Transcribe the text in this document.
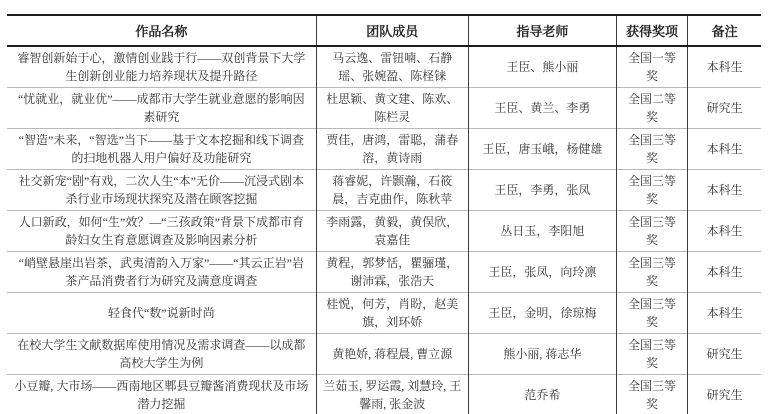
作品名称	团队成员	指导老师	获得奖项	备注
睿智创新始于心，激情创业践于行——双创背景下大学生创新创业能力培养现状及提升路径	马云逸、雷钮喃、石静瑶、张婉盈、陈柽铼	王臣、熊小丽	全国一等奖	本科生
“忧就业，就业优”——成都市大学生就业意愿的影响因素研究	杜思颖、黄文建、陈欢、陈栏灵	王臣、黄兰、李勇	全国二等奖	研究生
“智造”未来，“智选”当下——基于文本挖掘和线下调查的扫地机器人用户偏好及功能研究	贾佳，唐鸿，雷聪，蒲春溶，黄诗雨	王臣，唐玉峨，杨健雄	全国三等奖	本科生
社交新宠“剧”有戏，二次人生“本”无价——沉浸式剧本杀行业市场现状探究及潜在顾客挖掘	蒋睿妮，许颢瀚，石筱晨，吉克曲作，陈秋苹	王臣，李勇，张凤	全国三等奖	本科生
人口新政，如何“生”效？—“三孩政策”背景下成都市育龄妇女生育意愿调查及影响因素分析	李雨露，黄毅，黄俣欣，袁嘉佳	丛日玉，李阳旭	全国三等奖	本科生
“峭壁悬崖出岩茶，武夷清韵入万家”——“其云正岩”岩茶产品消费者行为研究及满意度调查	黄程，郭梦恬，瞿骊瑾，谢沛霖，张浩天	王臣，张凤，向玲凛	全国三等奖	本科生
轻食代“数”说新时尚	桂悦，何芳，肖盼，赵美旗，刘环娇	王臣，金明，徐琼梅	全国三等奖	本科生
在校大学生文献数据库使用情况及需求调查——以成都高校大学生为例	黄艳娇, 蒋程晨, 曹立源	熊小丽, 蒋志华	全国三等奖	研究生
小豆瓣, 大市场——西南地区郫县豆瓣酱消费现状及市场潜力挖掘	兰茹玉, 罗运霞, 刘慧玲, 王馨雨, 张金波	范乔希	全国三等奖	研究生
